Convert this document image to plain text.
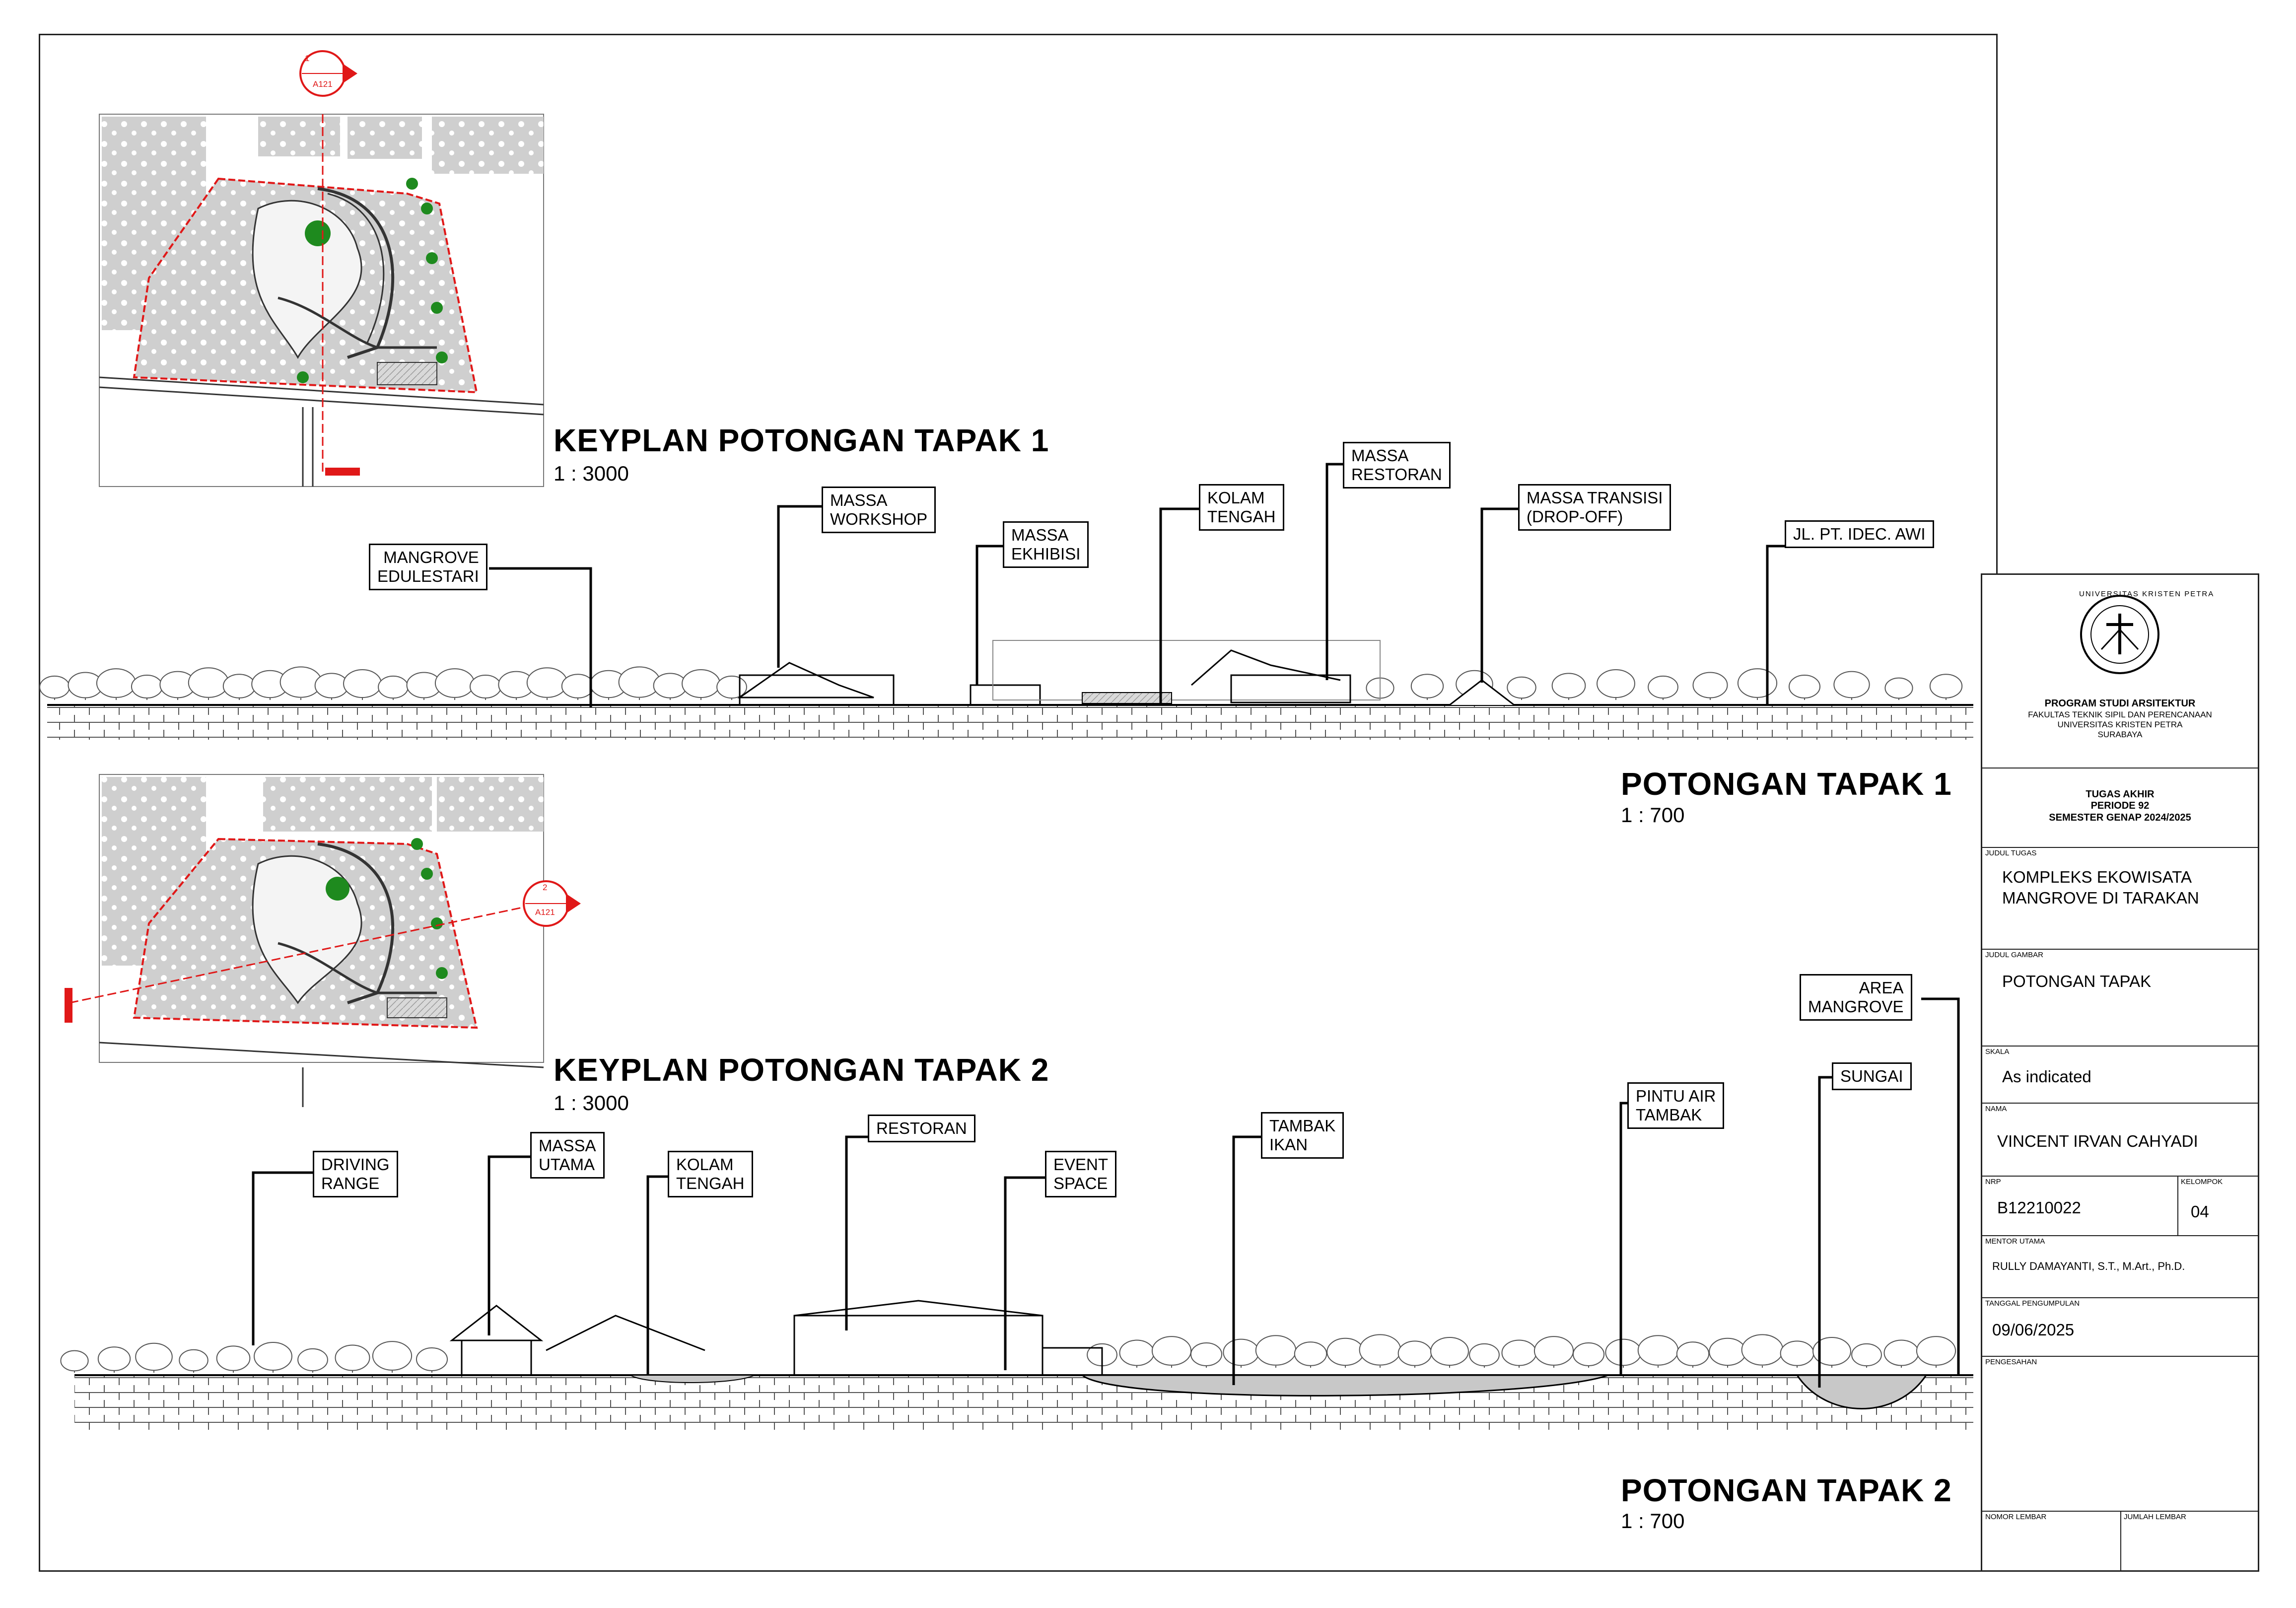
1
A121
KEYPLAN POTONGAN TAPAK 1
1 : 3000
2
A121
KEYPLAN POTONGAN TAPAK 2
1 : 3000
POTONGAN TAPAK 1
1 : 700
POTONGAN TAPAK 2
1 : 700
MANGROVE
EDULESTARI
MASSA
WORKSHOP
MASSA
EKHIBISI
KOLAM
TENGAH
MASSA
RESTORAN
MASSA TRANSISI
(DROP-OFF)
JL. PT. IDEC. AWI
DRIVING
RANGE
MASSA
UTAMA	KOLAM
TENGAH
RESTORAN
EVENT
SPACE
TAMBAK
IKAN
PINTU AIR
TAMBAK
SUNGAI
AREA
MANGROVE
UNIVERSITAS KRISTEN PETRA
PROGRAM STUDI ARSITEKTUR
FAKULTAS TEKNIK SIPIL DAN PERENCANAAN
UNIVERSITAS KRISTEN PETRA
SURABAYA
TUGAS AKHIR
PERIODE 92
SEMESTER GENAP 2024/2025
JUDUL TUGAS
KOMPLEKS EKOWISATA
MANGROVE DI TARAKAN
JUDUL GAMBAR
POTONGAN TAPAK
SKALA
As indicated
NAMA
VINCENT IRVAN CAHYADI
NRP
B12210022
KELOMPOK
04
MENTOR UTAMA
RULLY DAMAYANTI, S.T., M.Art., Ph.D.
TANGGAL PENGUMPULAN
09/06/2025
PENGESAHAN
NOMOR LEMBAR	JUMLAH LEMBAR
